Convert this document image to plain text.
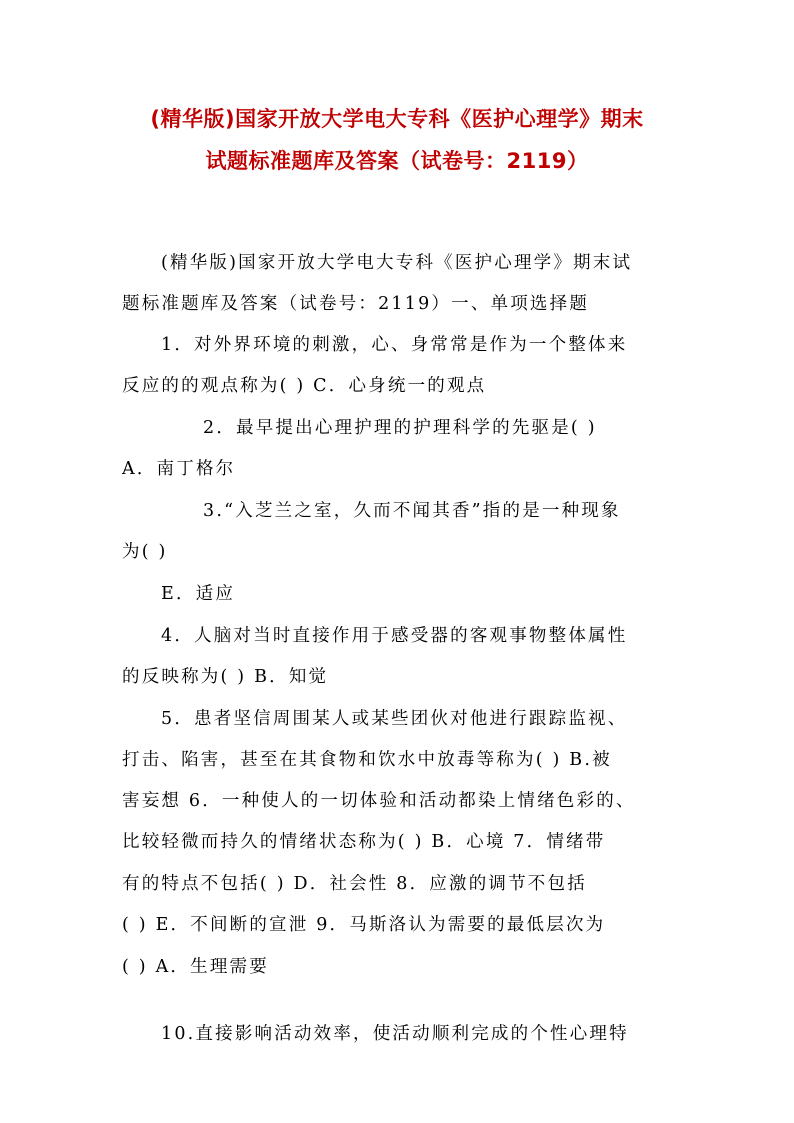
(精华版)国家开放大学电大专科《医护心理学》期末
试题标准题库及答案（试卷号：2119）
(精华版)国家开放大学电大专科《医护心理学》期末试
题标准题库及答案（试卷号：2119）一、单项选择题
1．对外界环境的刺激，心、身常常是作为一个整体来
反应的的观点称为( ) C．心身统一的观点
2．最早提出心理护理的护理科学的先驱是( )
A．南丁格尔
3.“入芝兰之室，久而不闻其香”指的是一种现象
为( )
E．适应
4．人脑对当时直接作用于感受器的客观事物整体属性
的反映称为( ) B．知觉
5．患者坚信周围某人或某些团伙对他进行跟踪监视、
打击、陷害，甚至在其食物和饮水中放毒等称为( ) B.被
害妄想 6．一种使人的一切体验和活动都染上情绪色彩的、
比较轻微而持久的情绪状态称为( ) B．心境 7．情绪带
有的特点不包括( ) D．社会性 8．应激的调节不包括
( ) E．不间断的宣泄 9．马斯洛认为需要的最低层次为
( ) A．生理需要
10.直接影响活动效率，使活动顺利完成的个性心理特
